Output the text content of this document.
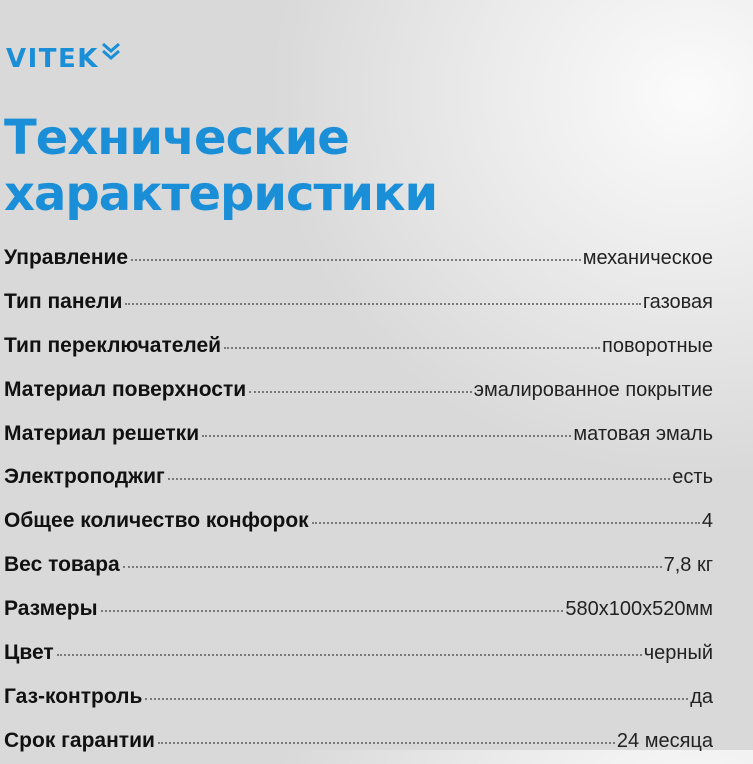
VITEK
Технические
характеристики
Управление	механическое
Тип панели	газовая
Тип переключателей	поворотные
Материал поверхности	эмалированное покрытие
Материал решетки	матовая эмаль
Электроподжиг	есть
Общее количество конфорок	4
Вес товара	7,8 кг
Размеры	580х100х520мм
Цвет	черный
Газ-контроль	да
Срок гарантии	24 месяца
